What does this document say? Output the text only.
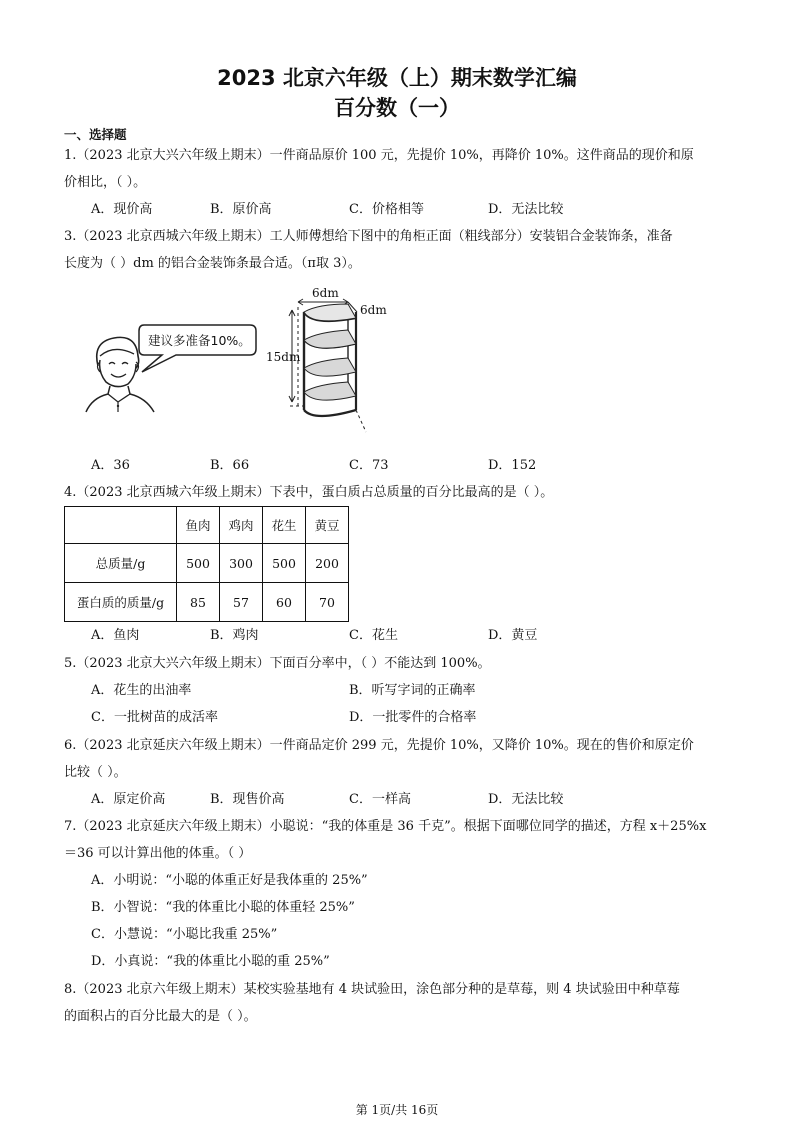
2023 北京六年级（上）期末数学汇编
百分数（一）
一、选择题
1.（2023 北京大兴六年级上期末）一件商品原价 100 元，先提价 10%，再降价 10%。这件商品的现价和原
价相比，（ ）。
A．现价高	B．原价高	C．价格相等	D．无法比较
3.（2023 北京西城六年级上期末）工人师傅想给下图中的角柜正面（粗线部分）安装铝合金装饰条，准备
长度为（ ）dm 的铝合金装饰条最合适。（π取 3）。
建议多准备10%。
6dm
6dm
15dm
A．36	B．66	C．73	D．152
4.（2023 北京西城六年级上期末）下表中，蛋白质占总质量的百分比最高的是（ ）。
	鱼肉	鸡肉	花生	黄豆
总质量/g	500	300	500	200
蛋白质的质量/g	85	57	60	70
A．鱼肉	B．鸡肉	C．花生	D．黄豆
5.（2023 北京大兴六年级上期末）下面百分率中，（ ）不能达到 100%。
A．花生的出油率	B．听写字词的正确率
C．一批树苗的成活率	D．一批零件的合格率
6.（2023 北京延庆六年级上期末）一件商品定价 299 元，先提价 10%，又降价 10%。现在的售价和原定价
比较（ ）。
A．原定价高	B．现售价高	C．一样高	D．无法比较
7.（2023 北京延庆六年级上期末）小聪说：“我的体重是 36 千克”。根据下面哪位同学的描述，方程 x＋25%x
＝36 可以计算出他的体重。（ ）
A．小明说：“小聪的体重正好是我体重的 25%”
B．小智说：“我的体重比小聪的体重轻 25%”
C．小慧说：“小聪比我重 25%”
D．小真说：“我的体重比小聪的重 25%”
8.（2023 北京六年级上期末）某校实验基地有 4 块试验田，涂色部分种的是草莓，则 4 块试验田中种草莓
的面积占的百分比最大的是（ ）。
第 1页/共 16页
